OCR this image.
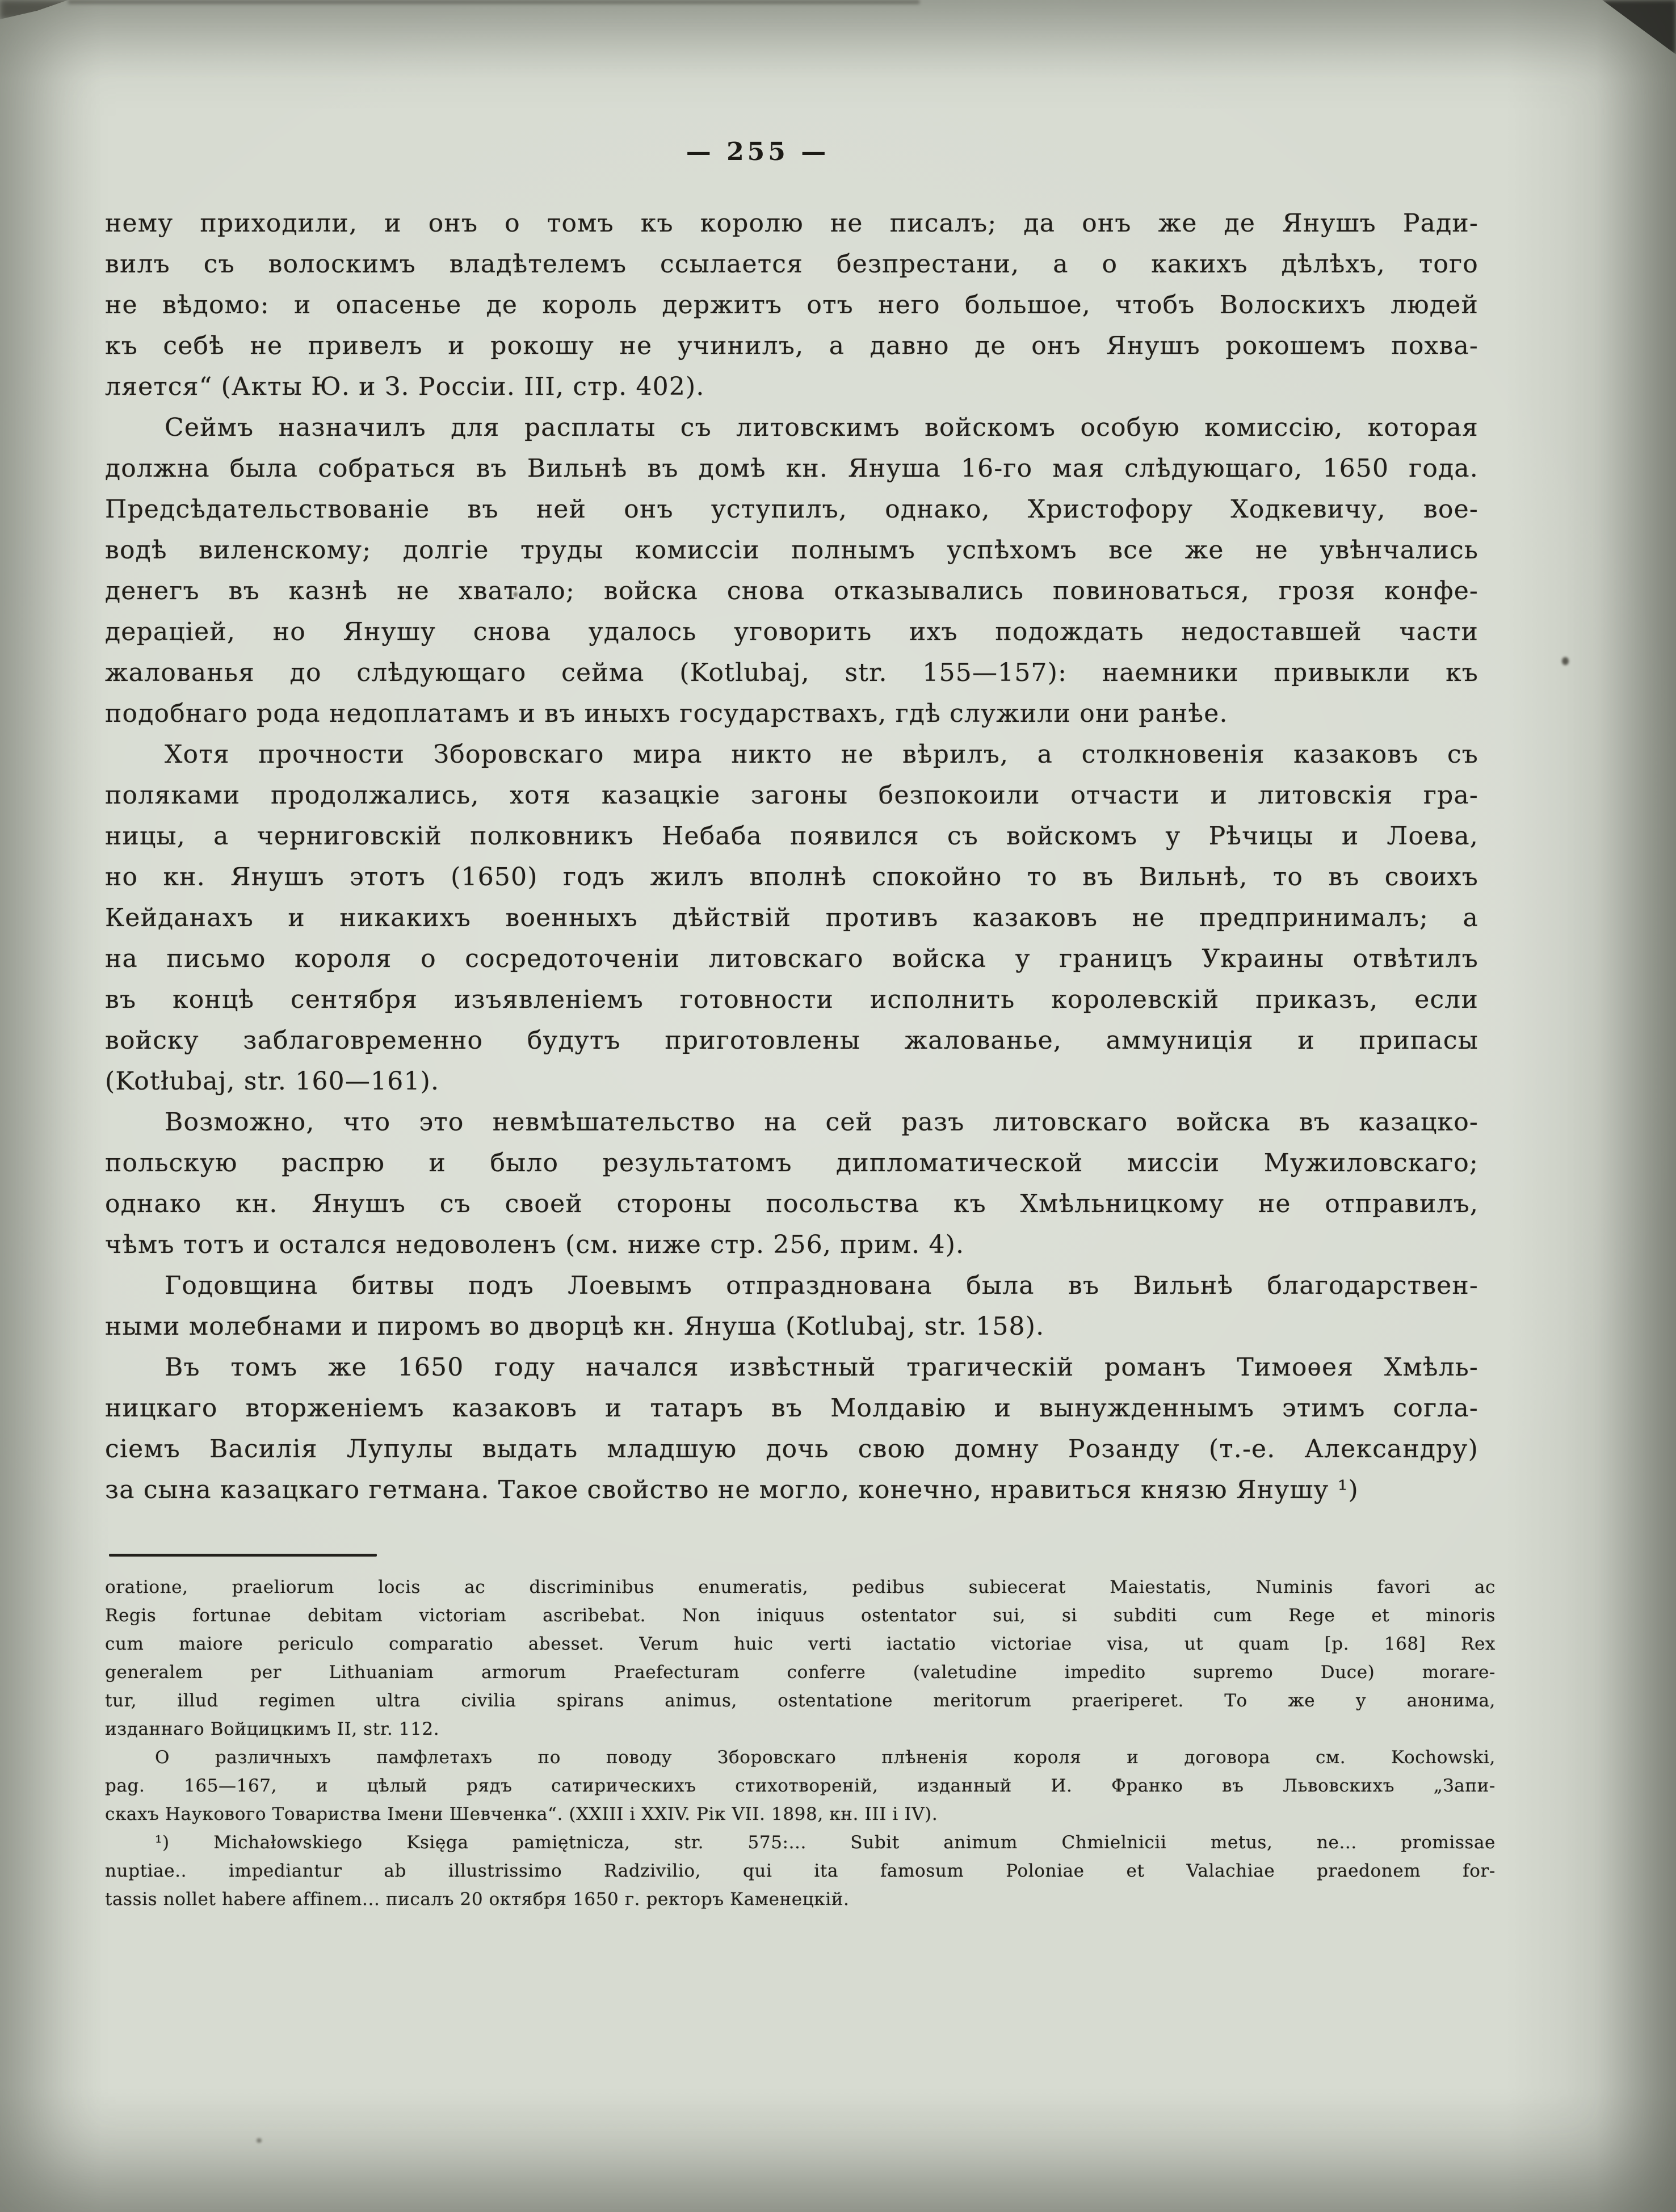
— 255 —
нему приходили, и онъ о томъ къ королю не писалъ; да онъ же де Янушъ Ради-
вилъ съ волоскимъ владѣтелемъ ссылается безпрестани, а о какихъ дѣлѣхъ, того
не вѣдомо: и опасенье де король держитъ отъ него большое, чтобъ Волоскихъ людей
къ себѣ не привелъ и рокошу не учинилъ, а давно де онъ Янушъ рокошемъ похва-
ляется“ (Акты Ю. и З. Россіи. III, стр. 402).
Сеймъ назначилъ для расплаты съ литовскимъ войскомъ особую комиссію, которая
должна была собраться въ Вильнѣ въ домѣ кн. Януша 16-го мая слѣдующаго, 1650 года.
Предсѣдательствованіе въ ней онъ уступилъ, однако, Христофору Ходкевичу, вое-
водѣ виленскому; долгіе труды комиссіи полнымъ успѣхомъ все же не увѣнчались
денегъ въ казнѣ не хватало; войска снова отказывались повиноваться, грозя конфе-
дераціей, но Янушу снова удалось уговорить ихъ подождать недоставшей части
жалованья до слѣдующаго сейма (Kotlubaj, str. 155—157): наемники привыкли къ
подобнаго рода недоплатамъ и въ иныхъ государствахъ, гдѣ служили они ранѣе.
Хотя прочности Зборовскаго мира никто не вѣрилъ, а столкновенія казаковъ съ
поляками продолжались, хотя казацкіе загоны безпокоили отчасти и литовскія гра-
ницы, а черниговскій полковникъ Небаба появился съ войскомъ у Рѣчицы и Лоева,
но кн. Янушъ этотъ (1650) годъ жилъ вполнѣ спокойно то въ Вильнѣ, то въ своихъ
Кейданахъ и никакихъ военныхъ дѣйствій противъ казаковъ не предпринималъ; а
на письмо короля о сосредоточеніи литовскаго войска у границъ Украины отвѣтилъ
въ концѣ сентября изъявленіемъ готовности исполнить королевскій приказъ, если
войску заблаговременно будутъ приготовлены жалованье, аммуниція и припасы
(Kotłubaj, str. 160—161).
Возможно, что это невмѣшательство на сей разъ литовскаго войска въ казацко-
польскую распрю и было результатомъ дипломатической миссіи Мужиловскаго;
однако кн. Янушъ съ своей стороны посольства къ Хмѣльницкому не отправилъ,
чѣмъ тотъ и остался недоволенъ (см. ниже стр. 256, прим. 4).
Годовщина битвы подъ Лоевымъ отпразднована была въ Вильнѣ благодарствен-
ными молебнами и пиромъ во дворцѣ кн. Януша (Kotlubaj, str. 158).
Въ томъ же 1650 году начался извѣстный трагическій романъ Тимоѳея Хмѣль-
ницкаго вторженіемъ казаковъ и татаръ въ Молдавію и вынужденнымъ этимъ согла-
сіемъ Василія Лупулы выдать младшую дочь свою домну Розанду (т.-е. Александру)
за сына казацкаго гетмана. Такое свойство не могло, конечно, нравиться князю Янушу ¹)
oratione, praeliorum locis ac discriminibus enumeratis, pedibus subiecerat Maiestatis, Numinis favori ac
Regis fortunae debitam victoriam ascribebat. Non iniquus ostentator sui, si subditi cum Rege et minoris
cum maiore periculo comparatio abesset. Verum huic verti iactatio victoriae visa, ut quam [p. 168] Rex
generalem per Lithuaniam armorum Praefecturam conferre (valetudine impedito supremo Duce) morare-
tur, illud regimen ultra civilia spirans animus, ostentatione meritorum praeriperet. То же у анонима,
изданнаго Войцицкимъ II, str. 112.
О различныхъ памфлетахъ по поводу Зборовскаго плѣненія короля и договора см. Kochowski,
pag. 165—167, и цѣлый рядъ сатирическихъ стихотвореній, изданный И. Франко въ Львовскихъ „Запи-
скахъ Наукового Товариства Імени Шевченка“. (XXIII і XXIV. Рік VII. 1898, кн. III і IV).
¹) Michałowskiego Księga pamiętnicza, str. 575:... Subit animum Chmielnicii metus, ne... promissae
nuptiae.. impediantur ab illustrissimo Radzivilio, qui ita famosum Poloniae et Valachiae praedonem for-
tassis nollet habere affinem... писалъ 20 октября 1650 г. ректоръ Каменецкій.
